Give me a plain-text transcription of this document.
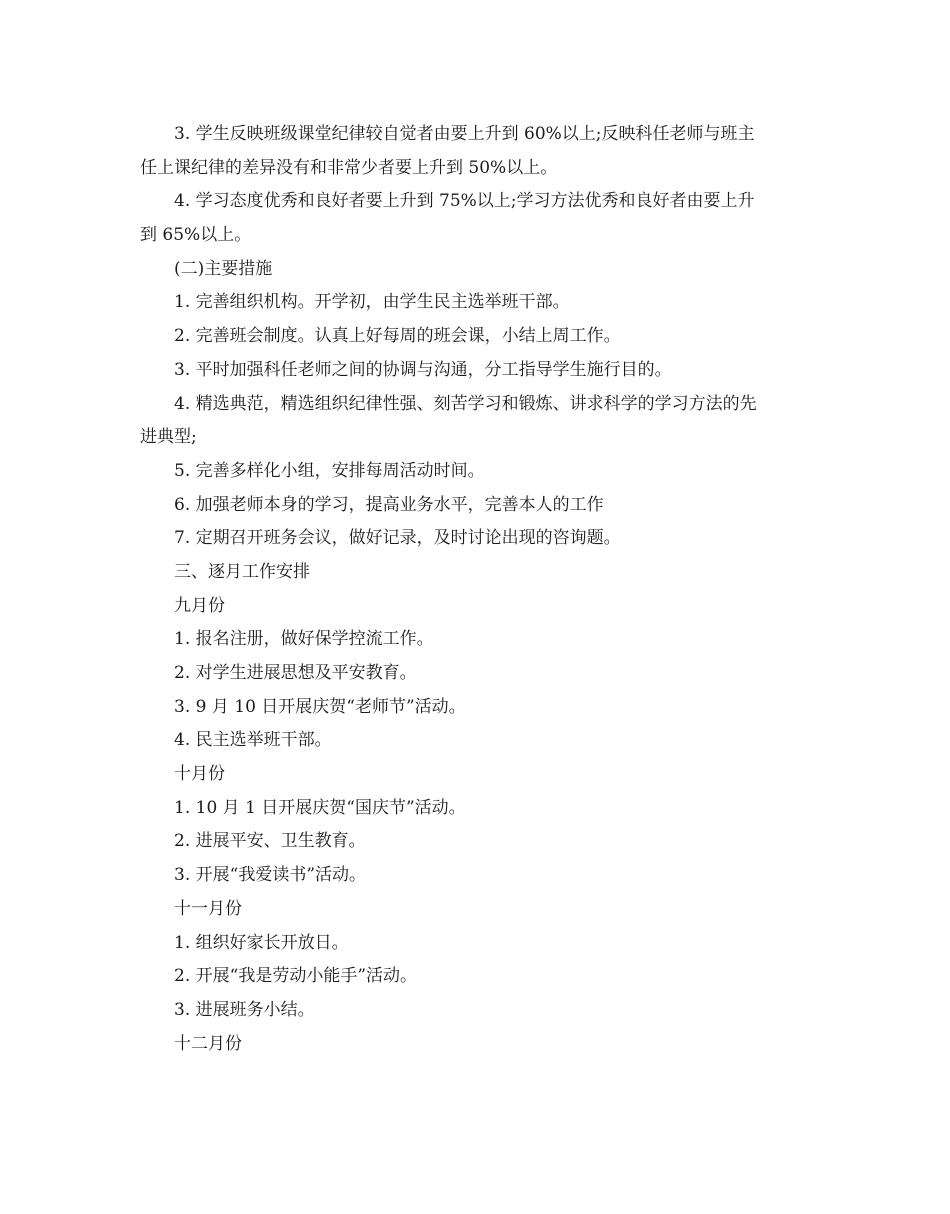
3. 学生反映班级课堂纪律较自觉者由要上升到 60%以上;反映科任老师与班主

任上课纪律的差异没有和非常少者要上升到 50%以上。

4. 学习态度优秀和良好者要上升到 75%以上;学习方法优秀和良好者由要上升

到 65%以上。

(二)主要措施

1. 完善组织机构。开学初，由学生民主选举班干部。

2. 完善班会制度。认真上好每周的班会课，小结上周工作。

3. 平时加强科任老师之间的协调与沟通，分工指导学生施行目的。

4. 精选典范，精选组织纪律性强、刻苦学习和锻炼、讲求科学的学习方法的先

进典型;

5. 完善多样化小组，安排每周活动时间。

6. 加强老师本身的学习，提高业务水平，完善本人的工作

7. 定期召开班务会议，做好记录，及时讨论出现的咨询题。

三、逐月工作安排

九月份

1. 报名注册，做好保学控流工作。

2. 对学生进展思想及平安教育。

3. 9 月 10 日开展庆贺“老师节”活动。

4. 民主选举班干部。

十月份

1. 10 月 1 日开展庆贺“国庆节”活动。

2. 进展平安、卫生教育。

3. 开展“我爱读书”活动。

十一月份

1. 组织好家长开放日。

2. 开展“我是劳动小能手”活动。

3. 进展班务小结。

十二月份
